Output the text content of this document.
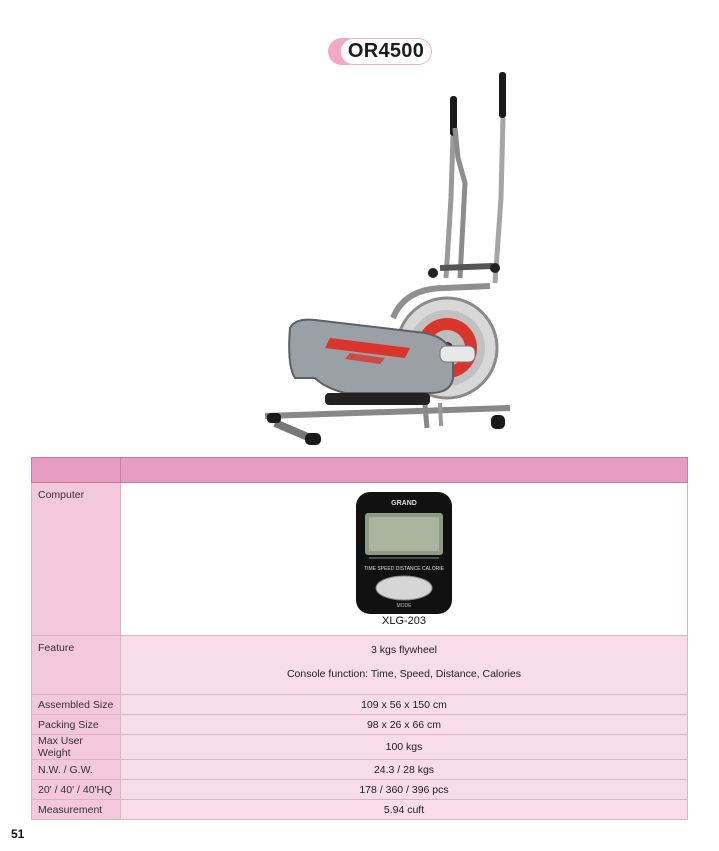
OR4500

Computer	GRAND
TIME SPEED DISTANCE CALORIE
MODE
XLG-203

Feature	3 kgs flywheel
Console function: Time, Speed, Distance, Calories

Assembled Size	109 x 56 x 150 cm
Packing Size	98 x 26 x 66 cm
Max User Weight	100 kgs
N.W. / G.W.	24.3 / 28 kgs
20' / 40' / 40'HQ	178 / 360 / 396 pcs
Measurement	5.94 cuft
51
